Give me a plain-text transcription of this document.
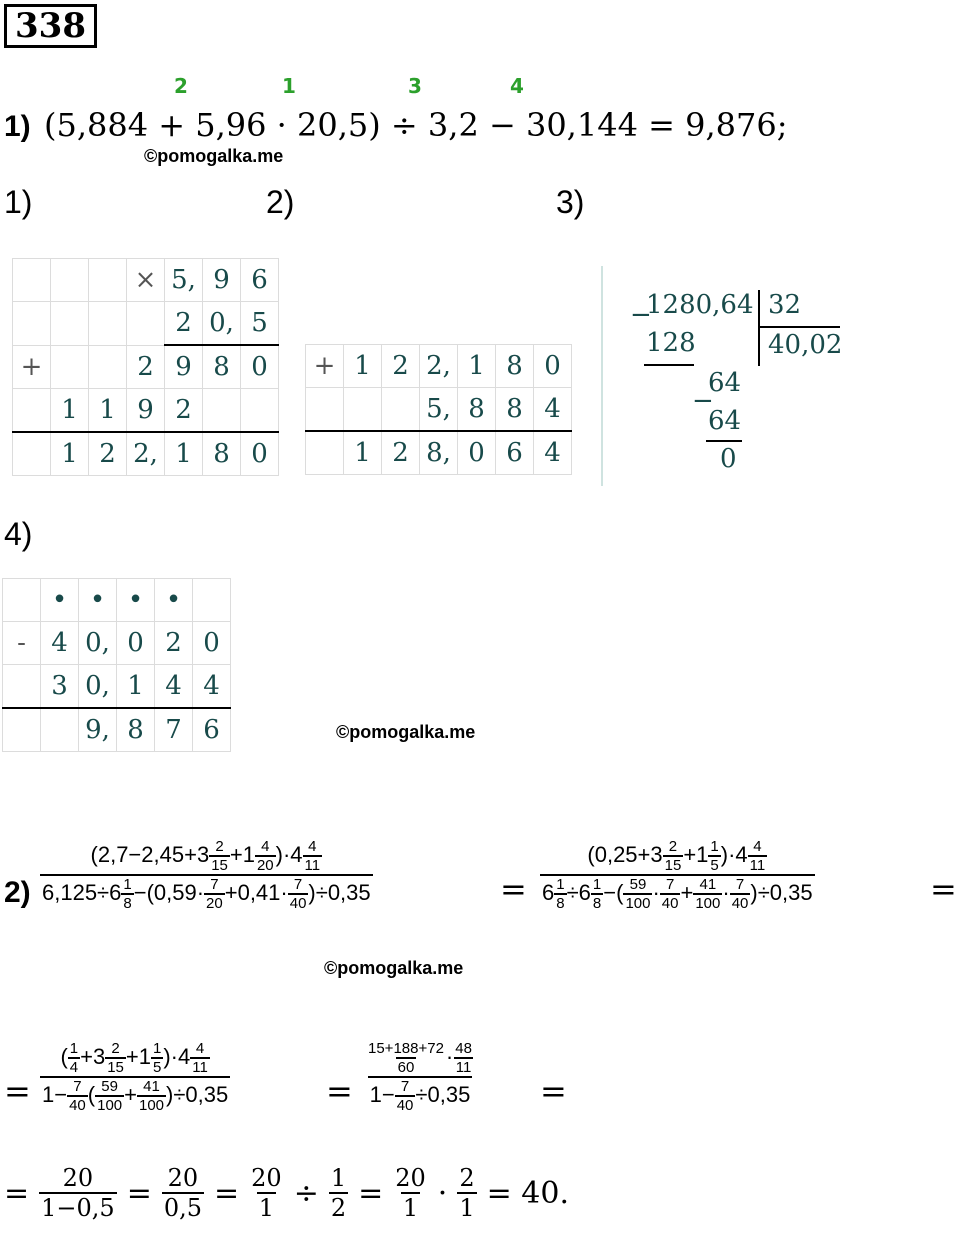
338
2	1	3	4
1) (5,884 + 5,96 · 20,5) ÷ 3,2 − 30,144 = 9,876;
©pomogalka.me
1)	2)	3)
			×	5,	9	6
				2	0,	5
+			2	9	8	0
	1	1	9	2		
	1	2	2,	1	8	0
+	1	2	2,	1	8	0
			5,	8	8	4
	1	2	8,	0	6	4
−
1280,64 32
40,02
128
−
64
64
0
4)
	•	•	•	•	
-	4	0,	0	2	0
	3	0,	1	4	4
		9,	8	7	6	©pomogalka.me
$2) \frac{(2,7-2,45+3 \frac{2}{15} +1 \frac{4}{20} )\cdot 4 \frac{4}{11}}{6,125\div 6 \frac{1}{8} -(0,59\cdot \frac{7}{20} +0,41\cdot \frac{7}{40} )\div 0,35}$	= $\frac{(0,25+3 \frac{2}{15} +1 \frac{1}{5} )\cdot 4 \frac{4}{11}}{6 \frac{1}{8} \div 6 \frac{1}{8} -( \frac{59}{100} \cdot \frac{7}{40} + \frac{41}{100} \cdot \frac{7}{40} )\div 0,35}$	=
©pomogalka.me
= $\frac{( \frac{1}{4} +3 \frac{2}{15} +1 \frac{1}{5} )\cdot 4 \frac{4}{11}}{1- \frac{7}{40} ( \frac{59}{100} + \frac{41}{100} )\div 0,35}$	= $\frac{\frac{15+188+72}{60} \cdot \frac{48}{11}}{1- \frac{7}{40} \div 0,35}$ =
= $\frac{20}{1-0,5} = \frac{20}{0,5} = \frac{20}{1} \div \frac{1}{2} = \frac{20}{1} \cdot \frac{2}{1} = 40$.
